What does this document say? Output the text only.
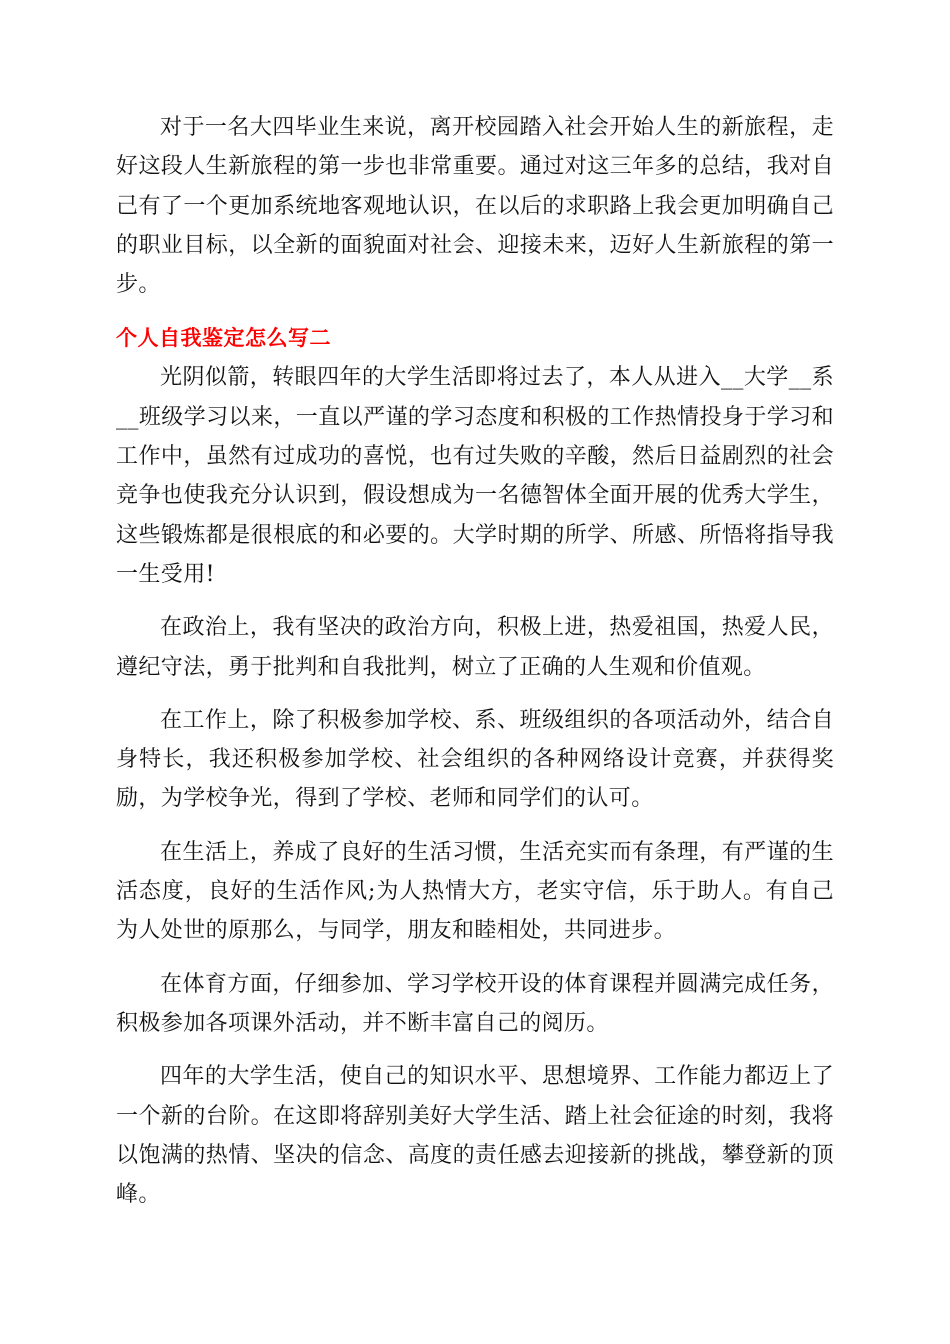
对于一名大四毕业生来说，离开校园踏入社会开始人生的新旅程，走好这段人生新旅程的第一步也非常重要。通过对这三年多的总结，我对自己有了一个更加系统地客观地认识，在以后的求职路上我会更加明确自己的职业目标，以全新的面貌面对社会、迎接未来，迈好人生新旅程的第一步。

个人自我鉴定怎么写二

光阴似箭，转眼四年的大学生活即将过去了，本人从进入__大学__系__班级学习以来，一直以严谨的学习态度和积极的工作热情投身于学习和工作中，虽然有过成功的喜悦，也有过失败的辛酸，然后日益剧烈的社会竞争也使我充分认识到，假设想成为一名德智体全面开展的优秀大学生，这些锻炼都是很根底的和必要的。大学时期的所学、所感、所悟将指导我一生受用!

在政治上，我有坚决的政治方向，积极上进，热爱祖国，热爱人民，遵纪守法，勇于批判和自我批判，树立了正确的人生观和价值观。

在工作上，除了积极参加学校、系、班级组织的各项活动外，结合自身特长，我还积极参加学校、社会组织的各种网络设计竞赛，并获得奖励，为学校争光，得到了学校、老师和同学们的认可。

在生活上，养成了良好的生活习惯，生活充实而有条理，有严谨的生活态度，良好的生活作风;为人热情大方，老实守信，乐于助人。有自己为人处世的原那么，与同学，朋友和睦相处，共同进步。

在体育方面，仔细参加、学习学校开设的体育课程并圆满完成任务，积极参加各项课外活动，并不断丰富自己的阅历。

四年的大学生活，使自己的知识水平、思想境界、工作能力都迈上了一个新的台阶。在这即将辞别美好大学生活、踏上社会征途的时刻，我将以饱满的热情、坚决的信念、高度的责任感去迎接新的挑战，攀登新的顶峰。
